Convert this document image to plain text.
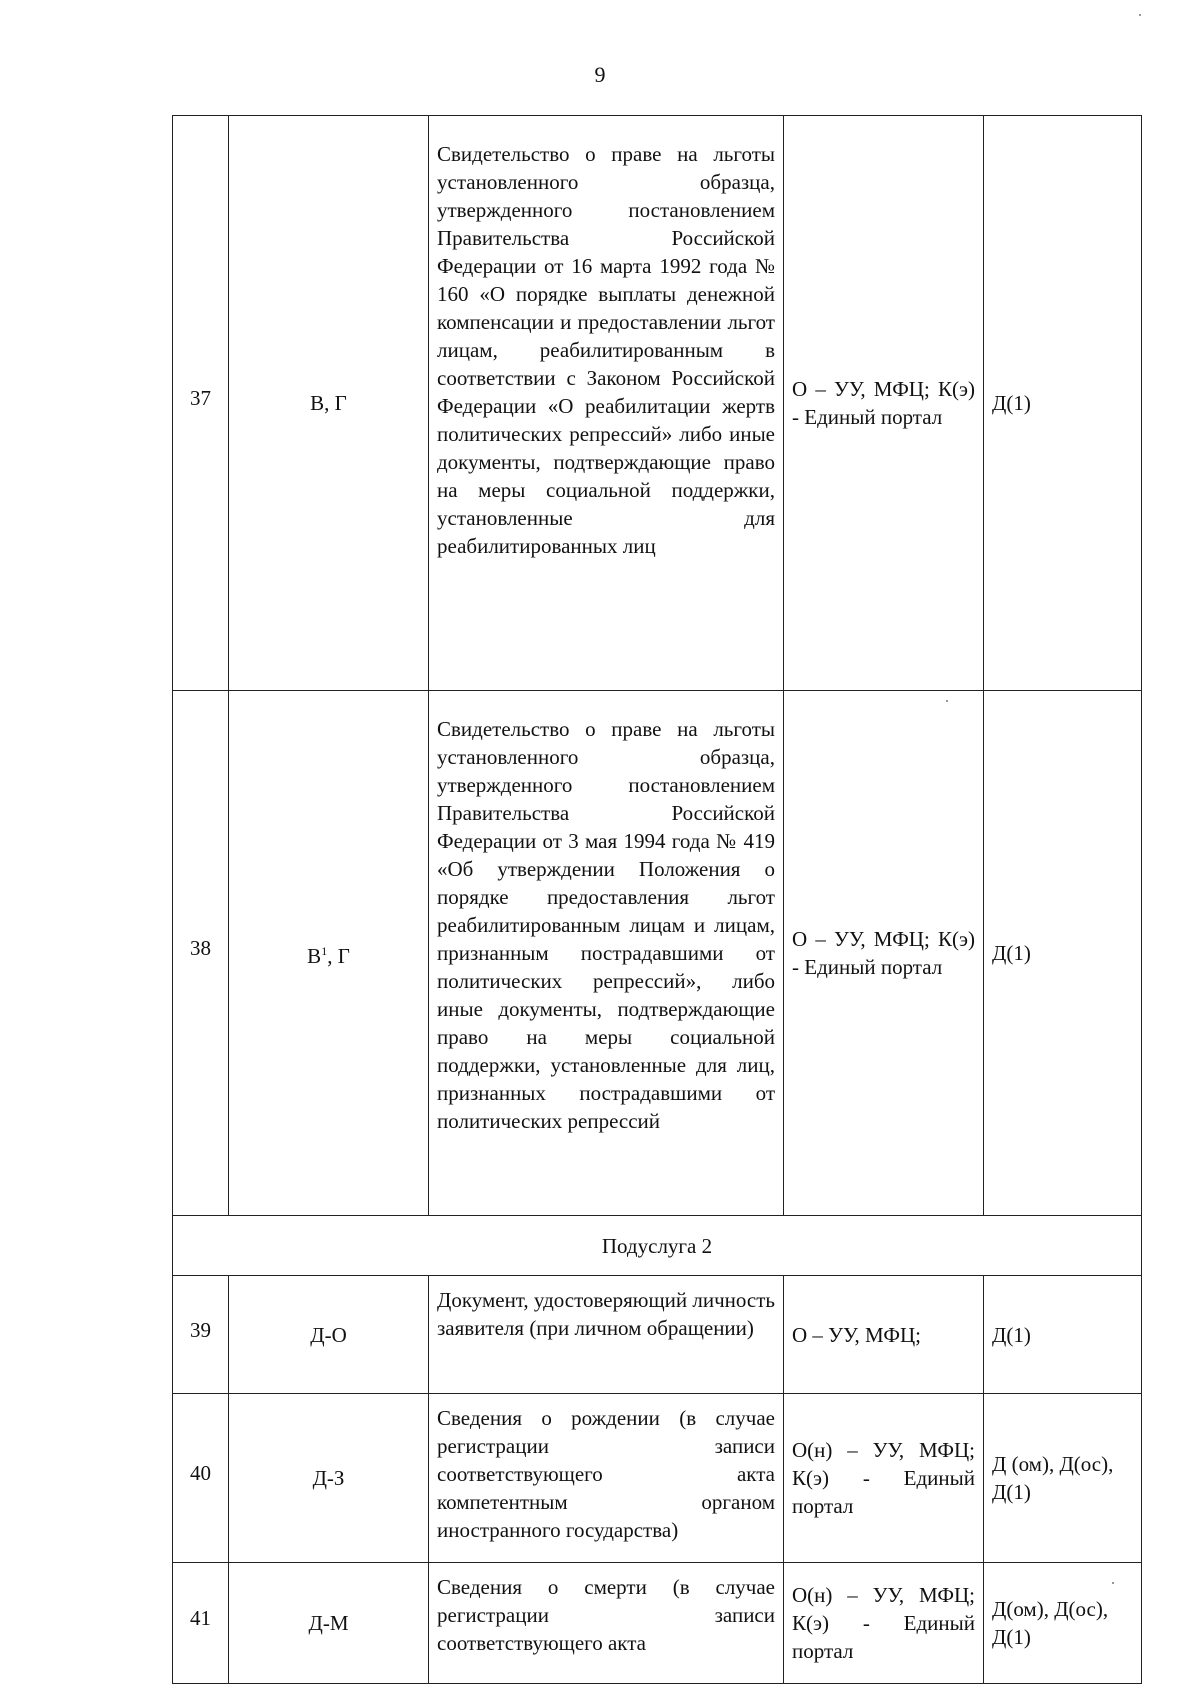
9
37	В, Г	Свидетельство о праве на льготы установленного образца, утвержденного постановлением Правительства Российской Федерации от 16 марта 1992 года № 160 «О порядке выплаты денежной компенсации и предоставлении льгот лицам, реабилитированным в соответствии с Законом Российской Федерации «О реабилитации жертв политических репрессий» либо иные документы, подтверждающие право на меры социальной поддержки, установленные для реабилитированных лиц	О – УУ, МФЦ; К(э) - Единый портал	Д(1)
38	$В^1$, Г	Свидетельство о праве на льготы установленного образца, утвержденного постановлением Правительства Российской Федерации от 3 мая 1994 года № 419 «Об утверждении Положения о порядке предоставления льгот реабилитированным лицам и лицам, признанным пострадавшими от политических репрессий», либо иные документы, подтверждающие право на меры социальной поддержки, установленные для лиц, признанных пострадавшими от политических репрессий	О – УУ, МФЦ; К(э) - Единый портал	Д(1)
Подуслуга 2				
39	Д-О	Документ, удостоверяющий личность заявителя (при личном обращении)	О – УУ, МФЦ;	Д(1)
40	Д-З	Сведения о рождении (в случае регистрации записи соответствующего акта компетентным органом иностранного государства)	О(н) – УУ, МФЦ; К(э) - Единый портал	Д (ом), Д(ос), Д(1)
41	Д-М	Сведения о смерти (в случае регистрации записи соответствующего акта	О(н) – УУ, МФЦ; К(э) - Единый портал	Д(ом), Д(ос), Д(1)
